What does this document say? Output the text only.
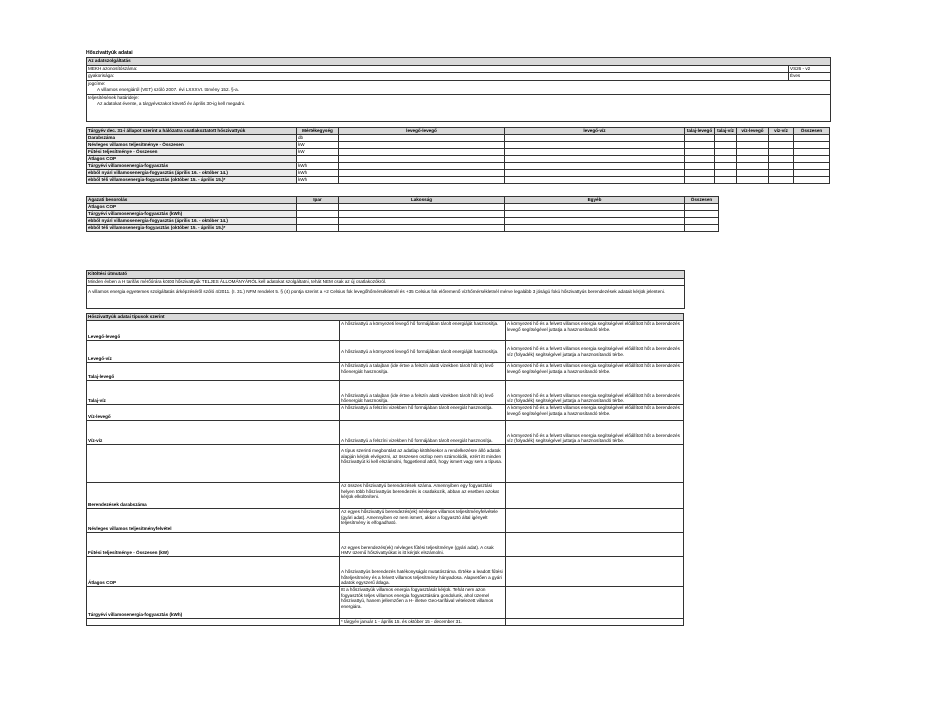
Hőszivattyúk adatai
Az adatszolgáltatás
MEKH azonosítószáma:	VS26 - v2
gyakorisága:	Éves
jogcíme:
A villamos energiáról (VET) szóló 2007. évi LXXXVI. törvény 152. §-a.
teljesítésének határideje:
Az adatokat évente, a tárgyévszakot követő év április 30-ig kell megadni.
Tárgyév dec. 31-i állapot szerint a hálózatra csatlakoztatott hőszivattyúk	Mértékegység	levegő-levegő	levegő-víz	talaj-levegő	talaj-víz	víz-levegő	víz-víz	Összesen
Darabszáma	db							
Névleges villamos teljesítménye - Összesen	kW							
Fűtési teljesítménye - Összesen	kW							
Átlagos COP								
Tárgyévi villamosenergia-fogyasztás	kWh							
ebből nyári villamosenergia-fogyasztás (április 16. - október 14.)	kWh							
ebből téli villamosenergia-fogyasztás (október 15. - április 15.)*	kWh							
Ágazati besorolás	Ipar	Lakosság	Egyéb	Összesen
Átlagos COP				
Tárgyévi villamosenergia-fogyasztás (kWh)				
ebből nyári villamosenergia-fogyasztás (április 16. - október 14.)				
ebből téli villamosenergia-fogyasztás (október 15. - április 15.)*				
Kitöltési útmutató
Minden évben a H tarifás mérőórára kötött hőszivattyúk TELJES ÁLLOMÁNYÁRÓL kell adatokat szolgáltatni, tehát NEM csak az új csatlakozókról.
A villamos energia egyetemes szolgáltatás árképzéséről szóló 4/2011. (I. 31.) NFM rendelet 5. § (4) pontja szerint a +2 Celsius fok levegőhőmérsékletnél és +35 Celsius fok előremenő vízhőmérsékletnél mérve legalább 3 jóságú fokú hőszivattyús berendezések adatait kérjük jelenteni.
Hőszivattyúk adatai típusok szerint		
Levegő-levegő	A hőszivattyú a környezeti levegő hő formájában tárolt energiáját hasznosítja.	A környezeti hő és a felvett villamos energia segítségével előállított hőt a berendezés levegő segítségével juttatja a hasznosítandó térbe.
Levegő-víz	A hőszivattyú a környezeti levegő hő formájában tárolt energiáját hasznosítja.	A környezeti hő és a felvett villamos energia segítségével előállított hőt a berendezés víz (folyadék) segítségével juttatja a hasznosítandó térbe.
Talaj-levegő	A hőszivattyú a talajban (ide értve a felszín alatti vizekben tárolt hőt is) levő hőenergiát hasznosítja.	A környezeti hő és a felvett villamos energia segítségével előállított hőt a berendezés levegő segítségével juttatja a hasznosítandó térbe.
Talaj-víz	A hőszivattyú a talajban (ide értve a felszín alatti vizekben tárolt hőt is) levő hőenergiát hasznosítja.	A környezeti hő és a felvett villamos energia segítségével előállított hőt a berendezés víz (folyadék) segítségével juttatja a hasznosítandó térbe.
Víz-levegő	A hőszivattyú a felszíni vizekben hő formájában tárolt energiát hasznosítja.	A környezeti hő és a felvett villamos energia segítségével előállított hőt a berendezés levegő segítségével juttatja a hasznosítandó térbe.
Víz-víz	A hőszivattyú a felszíni vizekben hő formájában tárolt energiát hasznosítja.	A környezeti hő és a felvett villamos energia segítségével előállított hőt a berendezés víz (folyadék) segítségével juttatja a hasznosítandó térbe.
	A típus szerinti megbontást az adatlap kitöltésekor a rendelkezésre álló adatok alapján kérjük elvégezni, az összesen oszlop nem számolódik, ezért itt minden hőszivattyút ki kell elszámolni, függetlenül attól, hogy ismert vagy sem a típusa.	
Berendezések darabszáma	Az összes hőszivattyú berendezések száma. Amennyiben egy fogyasztási helyen több hőszivattyús berendezés is csatlakozik, abban az esetben azokat kérjük elkülöníteni.	
Névleges villamos teljesítményfelvétel	Az egyes hőszivattyú berendezés(ek) névleges villamos teljesítményfelvétele (gyári adat). Amennyiben ez nem ismert, akkor a fogyasztó által igényelt teljesítmény is elfogadható.	
Fűtési teljesítménye - Összesen (kW)	Az egyes berendezés(ek) névleges fűtési teljesítménye (gyári adat). A csak HMV üzemű hőszivattyúkat is itt kérjük elszámolni.	
Átlagos COP	A hőszivattyús berendezés hatékonyságát mutatószáma. Értéke a leadott fűtési hőteljesítmény és a felvett villamos teljesítmény hányadosa. Alapvetően a gyári adatok egyszerű átlaga.	
Tárgyévi villamosenergia-fogyasztás (kWh)	Itt a hőszivattyúk villamos energia fogyasztását kérjük. Tehát nem azon fogyasztók teljes villamos energia fogyasztására gondolunk, ahol üzemel hőszivattyú, hanem jellemzően a H- illetve Geo-tarifával vételezett villamos energiára.	
	* tárgyév január 1 - április 15. és október 15 - december 31.	
